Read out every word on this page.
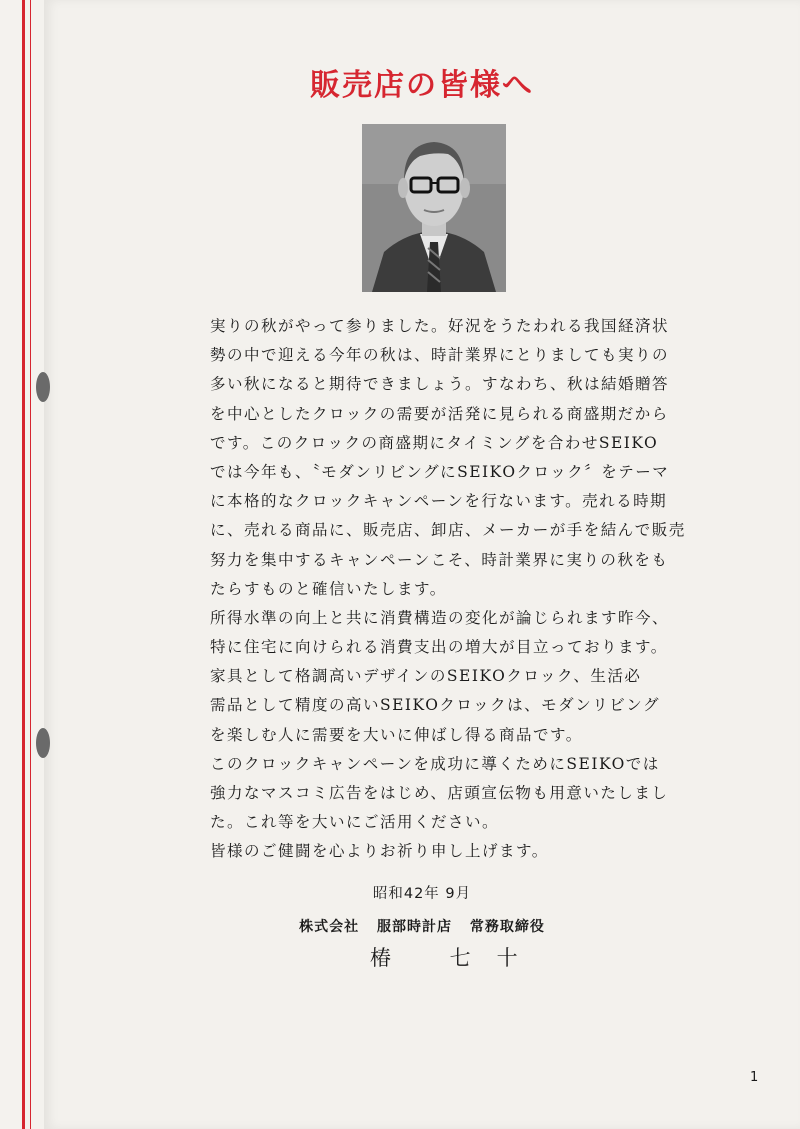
販売店の皆様へ
実りの秋がやって参りました。好況をうたわれる我国経済状
勢の中で迎える今年の秋は、時計業界にとりましても実りの
多い秋になると期待できましょう。すなわち、秋は結婚贈答
を中心としたクロックの需要が活発に見られる商盛期だから
です。このクロックの商盛期にタイミングを合わせSEIKO
では今年も、〝モダンリビングにSEIKOクロック〞をテーマ
に本格的なクロックキャンペーンを行ないます。売れる時期
に、売れる商品に、販売店、卸店、メーカーが手を結んで販売
努力を集中するキャンペーンこそ、時計業界に実りの秋をも
たらすものと確信いたします。
所得水準の向上と共に消費構造の変化が論じられます昨今、
特に住宅に向けられる消費支出の増大が目立っております。
家具として格調高いデザインのSEIKOクロック、生活必
需品として精度の高いSEIKOクロックは、モダンリビング
を楽しむ人に需要を大いに伸ばし得る商品です。
このクロックキャンペーンを成功に導くためにSEIKOでは
強力なマスコミ広告をはじめ、店頭宣伝物も用意いたしまし
た。これ等を大いにご活用ください。
皆様のご健闘を心よりお祈り申し上げます。
昭和42年 9月
株式会社 服部時計店 常務取締役
椿 七十
1
